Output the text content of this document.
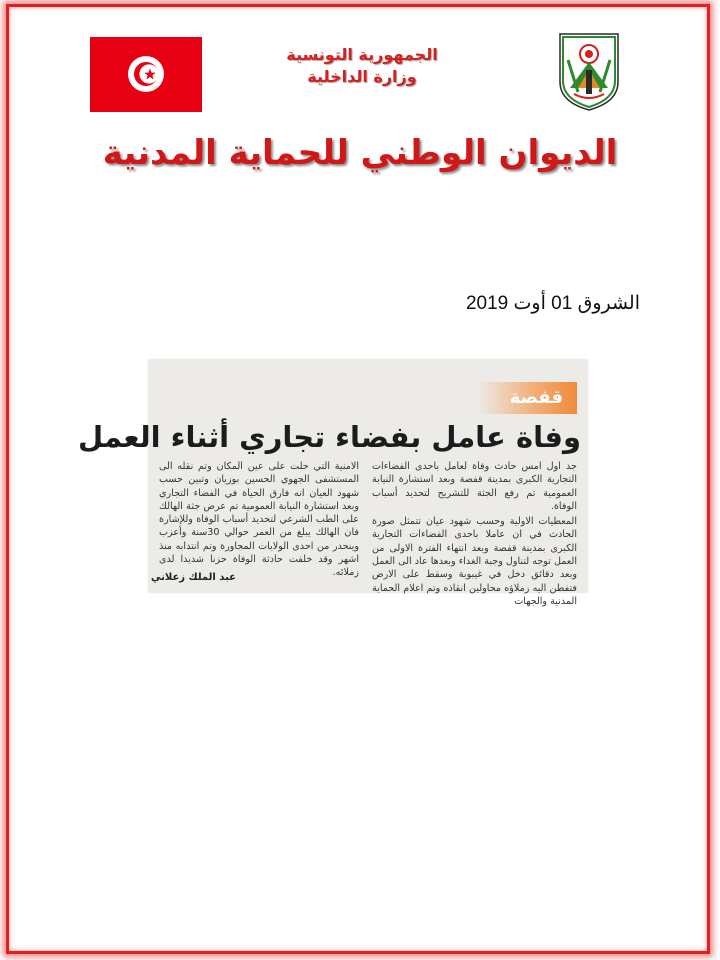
الجمهورية التونسية
وزارة الداخلية
الديوان الوطني للحماية المدنية
الشروق 01 أوت 2019
قفصة
وفاة عامل بفضاء تجاري أثناء العمل

جد اول امس حادث وفاة لعامل باحدى الفضاءات التجارية الكبرى بمدينة قفصة وبعد استشارة النيابة العمومية تم رفع الجثة للتشريح لتحديد أسباب الوفاة.

المعطيات الاولية وحسب شهود عيان تتمثل صورة الحادث في ان عاملا باحدى الفضاءات التجارية الكبرى بمدينة قفصة وبعد انتهاء الفترة الاولى من العمل توجه لتناول وجبة الغداء وبعدها عاد الى العمل وبعد دقائق دخل في غيبوبة وسقط على الارض فتفطن اليه زملاؤه محاولين انقاذه وتم اعلام الحماية المدنية والجهات

الامنية التي حلت على عين المكان وتم نقله الى المستشفى الجهوي الحسين بوزيان وتبين حسب شهود العيان انه فارق الحياة في الفضاء التجاري وبعد استشارة النيابة العمومية تم عرض جثة الهالك على الطب الشرعي لتحديد أسباب الوفاة وللإشارة فان الهالك يبلغ من العمر حوالي 30سنة وأعزب وينحدر من احدى الولايات المجاورة وتم انتدابه منذ اشهر وقد خلفت حادثة الوفاة حزنا شديدا لدى زملائه.

عبد الملك زعلاني
